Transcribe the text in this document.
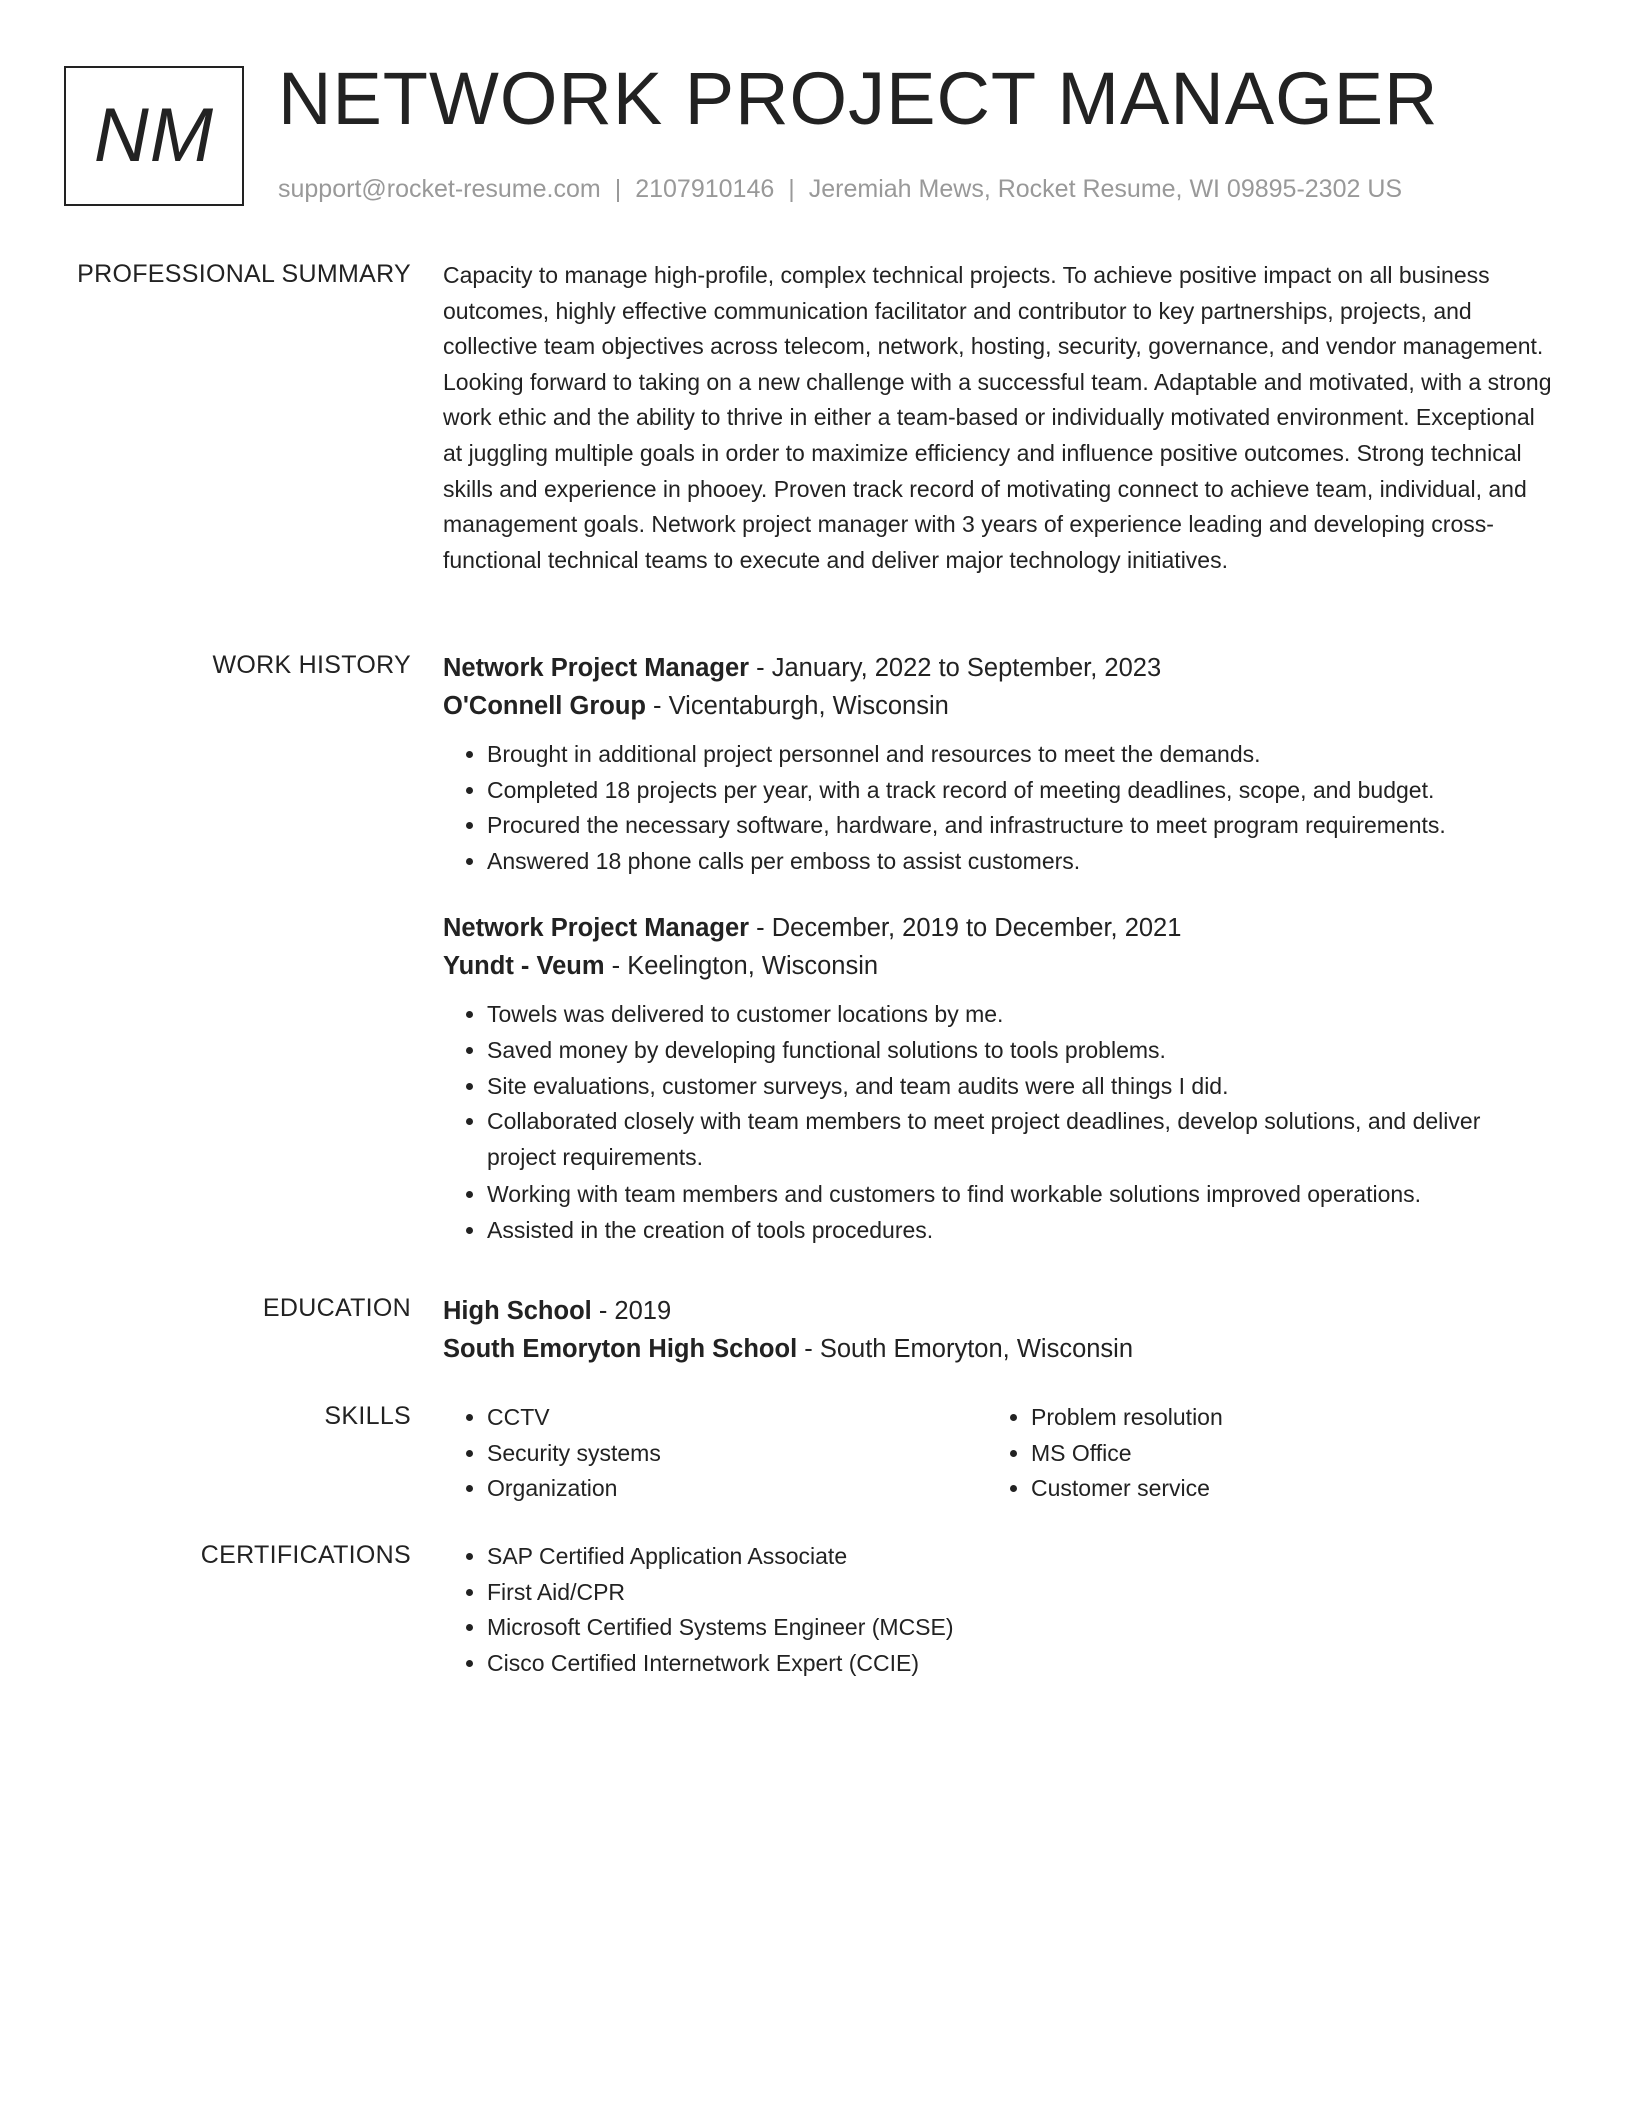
NM NETWORK PROJECT MANAGER
support@rocket-resume.com | 2107910146 | Jeremiah Mews, Rocket Resume, WI 09895-2302 US
PROFESSIONAL SUMMARY Capacity to manage high-profile, complex technical projects. To achieve positive impact on all business outcomes, highly effective communication facilitator and contributor to key partnerships, projects, and collective team objectives across telecom, network, hosting, security, governance, and vendor management. Looking forward to taking on a new challenge with a successful team. Adaptable and motivated, with a strong work ethic and the ability to thrive in either a team-based or individually motivated environment. Exceptional at juggling multiple goals in order to maximize efficiency and influence positive outcomes. Strong technical skills and experience in phooey. Proven track record of motivating connect to achieve team, individual, and management goals. Network project manager with 3 years of experience leading and developing cross-functional technical teams to execute and deliver major technology initiatives.

WORK HISTORY Network Project Manager - January, 2022 to September, 2023
O'Connell Group - Vicentaburgh, Wisconsin
• Brought in additional project personnel and resources to meet the demands.
• Completed 18 projects per year, with a track record of meeting deadlines, scope, and budget.
• Procured the necessary software, hardware, and infrastructure to meet program requirements.
• Answered 18 phone calls per emboss to assist customers.
Network Project Manager - December, 2019 to December, 2021
Yundt - Veum - Keelington, Wisconsin
• Towels was delivered to customer locations by me.
• Saved money by developing functional solutions to tools problems.
• Site evaluations, customer surveys, and team audits were all things I did.
• Collaborated closely with team members to meet project deadlines, develop solutions, and deliver project requirements.
• Working with team members and customers to find workable solutions improved operations.
• Assisted in the creation of tools procedures.
EDUCATION High School - 2019
South Emoryton High School - South Emoryton, Wisconsin
SKILLS	• CCTV
• Security systems
• Organization
• Problem resolution
• MS Office
• Customer service
CERTIFICATIONS	• SAP Certified Application Associate
• First Aid/CPR
• Microsoft Certified Systems Engineer (MCSE)
• Cisco Certified Internetwork Expert (CCIE)
